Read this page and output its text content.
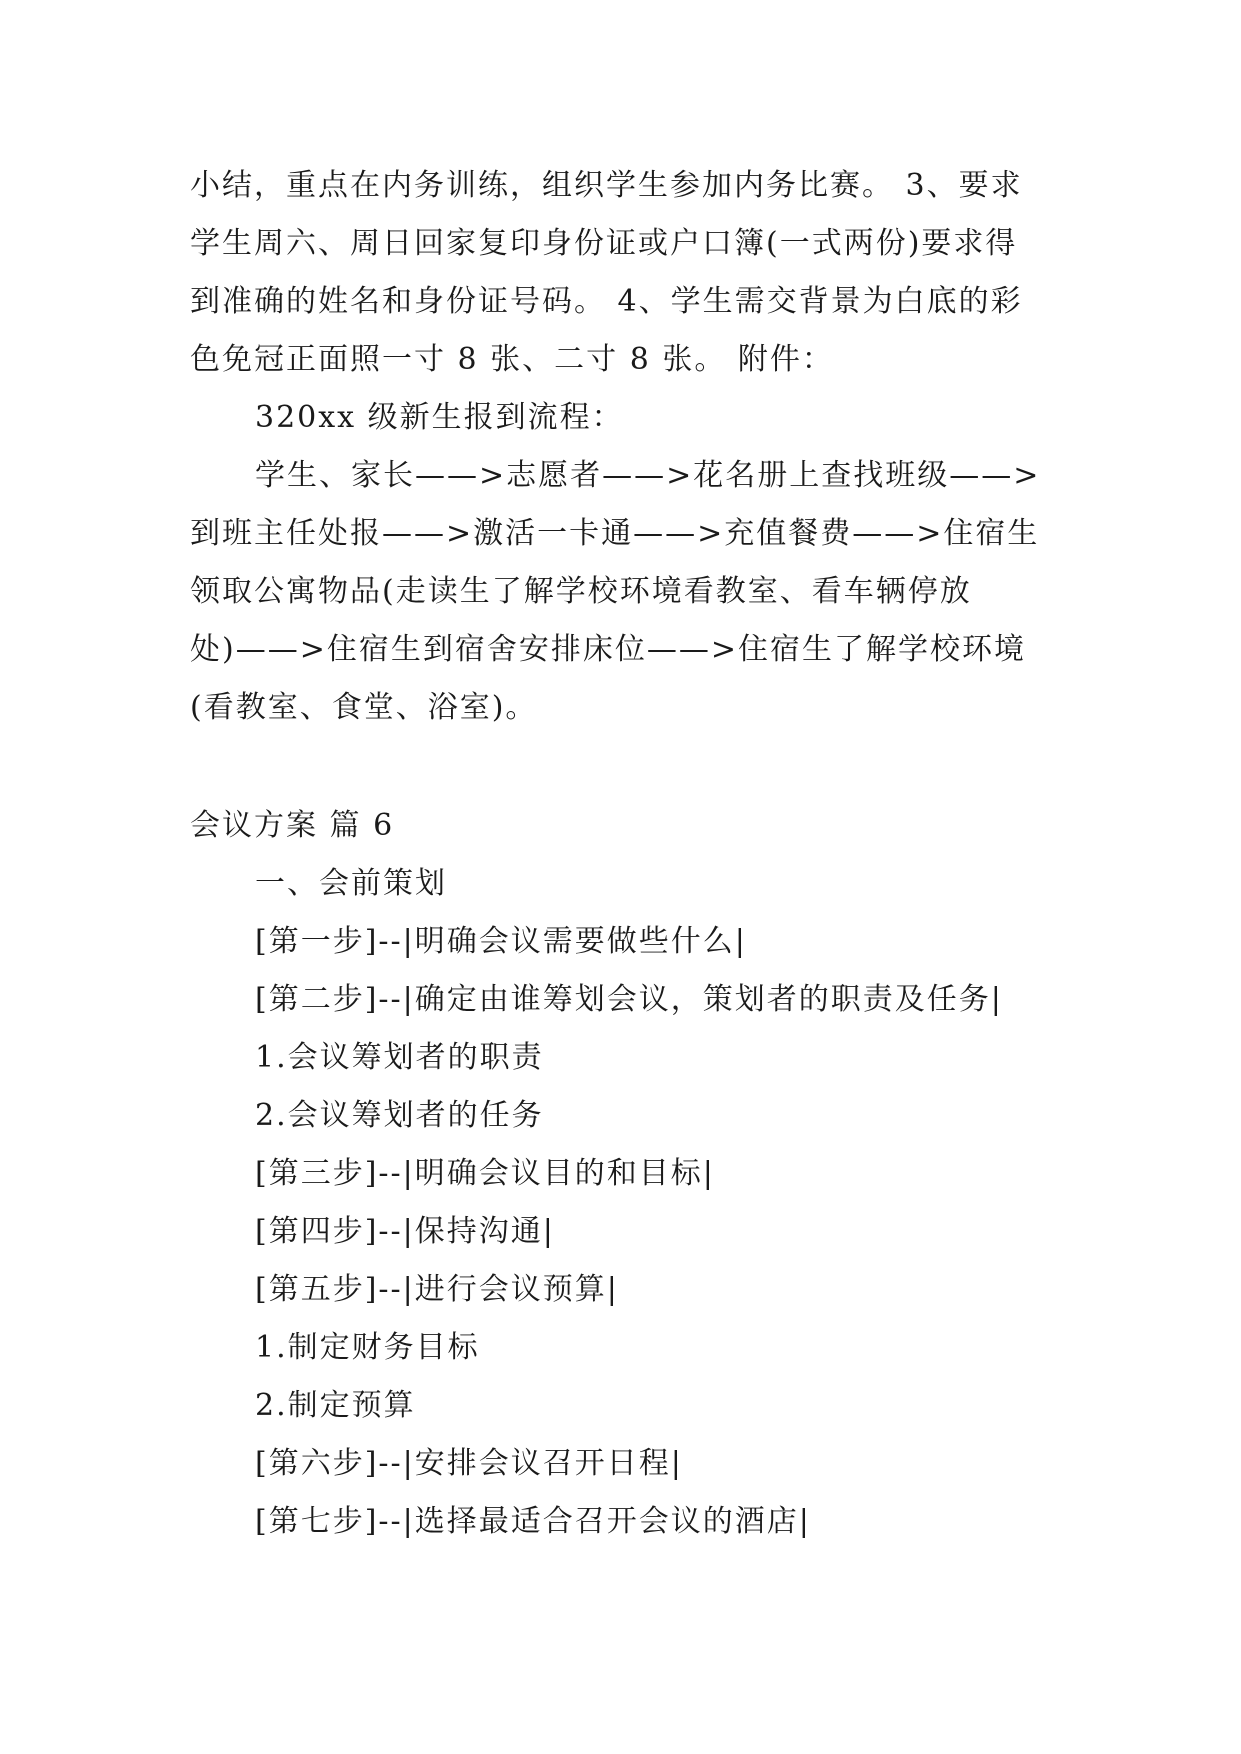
小结，重点在内务训练，组织学生参加内务比赛。 3、要求
学生周六、周日回家复印身份证或户口簿(一式两份)要求得
到准确的姓名和身份证号码。 4、学生需交背景为白底的彩
色免冠正面照一寸 8 张、二寸 8 张。 附件：
320xx 级新生报到流程：
学生、家长——>志愿者——>花名册上查找班级——>
到班主任处报——>激活一卡通——>充值餐费——>住宿生
领取公寓物品(走读生了解学校环境看教室、看车辆停放
处)——>住宿生到宿舍安排床位——>住宿生了解学校环境
(看教室、食堂、浴室)。
会议方案 篇 6
一、会前策划
[第一步]--|明确会议需要做些什么|
[第二步]--|确定由谁筹划会议，策划者的职责及任务|
1.会议筹划者的职责
2.会议筹划者的任务
[第三步]--|明确会议目的和目标|
[第四步]--|保持沟通|
[第五步]--|进行会议预算|
1.制定财务目标
2.制定预算
[第六步]--|安排会议召开日程|
[第七步]--|选择最适合召开会议的酒店|
